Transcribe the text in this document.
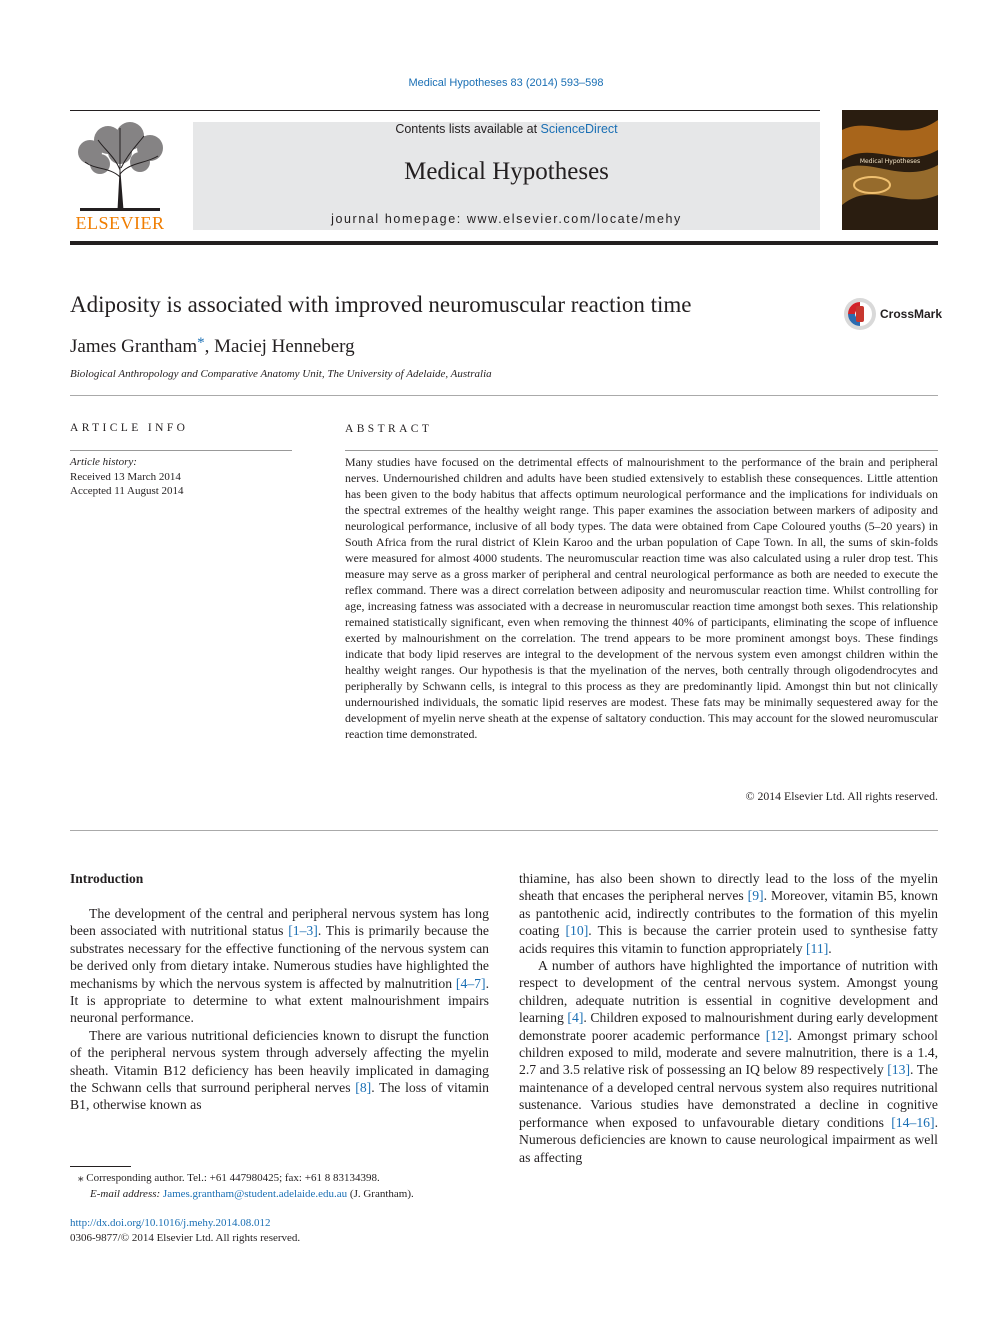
Medical Hypotheses 83 (2014) 593–598
ELSEVIER
Contents lists available at ScienceDirect
Medical Hypotheses
journal homepage: www.elsevier.com/locate/mehy
Medical Hypotheses
Adiposity is associated with improved neuromuscular reaction time	CrossMark
James Grantham*, Maciej Henneberg
Biological Anthropology and Comparative Anatomy Unit, The University of Adelaide, Australia
ARTICLE INFO
Article history:
Received 13 March 2014
Accepted 11 August 2014
ABSTRACT

Many studies have focused on the detrimental effects of malnourishment to the performance of the brain and peripheral nerves. Undernourished children and adults have been studied extensively to establish these consequences. Little attention has been given to the body habitus that affects optimum neurological performance and the implications for individuals on the spectral extremes of the healthy weight range. This paper examines the association between markers of adiposity and neurological performance, inclusive of all body types. The data were obtained from Cape Coloured youths (5–20 years) in South Africa from the rural district of Klein Karoo and the urban population of Cape Town. In all, the sums of skin-folds were measured for almost 4000 students. The neuromuscular reaction time was also calculated using a ruler drop test. This measure may serve as a gross marker of peripheral and central neurological performance as both are needed to execute the reflex command. There was a direct correlation between adiposity and neuromuscular reaction time. Whilst controlling for age, increasing fatness was associated with a decrease in neuromuscular reaction time amongst both sexes. This relationship remained statistically significant, even when removing the thinnest 40% of participants, eliminating the scope of influence exerted by malnourishment on the correlation. The trend appears to be more prominent amongst boys. These findings indicate that body lipid reserves are integral to the development of the nervous system even amongst children within the healthy weight ranges. Our hypothesis is that the myelination of the nerves, both centrally through oligodendrocytes and peripherally by Schwann cells, is integral to this process as they are predominantly lipid. Amongst thin but not clinically undernourished individuals, the somatic lipid reserves are modest. These fats may be minimally sequestered away for the development of myelin nerve sheath at the expense of saltatory conduction. This may account for the slowed neuromuscular reaction time demonstrated.

© 2014 Elsevier Ltd. All rights reserved.
Introduction

The development of the central and peripheral nervous system has long been associated with nutritional status [1–3]. This is primarily because the substrates necessary for the effective functioning of the nervous system can be derived only from dietary intake. Numerous studies have highlighted the mechanisms by which the nervous system is affected by malnutrition [4–7]. It is appropriate to determine to what extent malnourishment impairs neuronal performance.

There are various nutritional deficiencies known to disrupt the function of the peripheral nervous system through adversely affecting the myelin sheath. Vitamin B12 deficiency has been heavily implicated in damaging the Schwann cells that surround peripheral nerves [8]. The loss of vitamin B1, otherwise known as

thiamine, has also been shown to directly lead to the loss of the myelin sheath that encases the peripheral nerves [9]. Moreover, vitamin B5, known as pantothenic acid, indirectly contributes to the formation of this myelin coating [10]. This is because the carrier protein used to synthesise fatty acids requires this vitamin to function appropriately [11].

A number of authors have highlighted the importance of nutrition with respect to development of the central nervous system. Amongst young children, adequate nutrition is essential in cognitive development and learning [4]. Children exposed to malnourishment during early development demonstrate poorer academic performance [12]. Amongst primary school children exposed to mild, moderate and severe malnutrition, there is a 1.4, 2.7 and 3.5 relative risk of possessing an IQ below 89 respectively [13]. The maintenance of a developed central nervous system also requires nutritional sustenance. Various studies have demonstrated a decline in cognitive performance when exposed to unfavourable dietary conditions [14–16]. Numerous deficiencies are known to cause neurological impairment as well as affecting

⁎ Corresponding author. Tel.: +61 447980425; fax: +61 8 83134398.
E-mail address: James.grantham@student.adelaide.edu.au (J. Grantham).
http://dx.doi.org/10.1016/j.mehy.2014.08.012
0306-9877/© 2014 Elsevier Ltd. All rights reserved.
